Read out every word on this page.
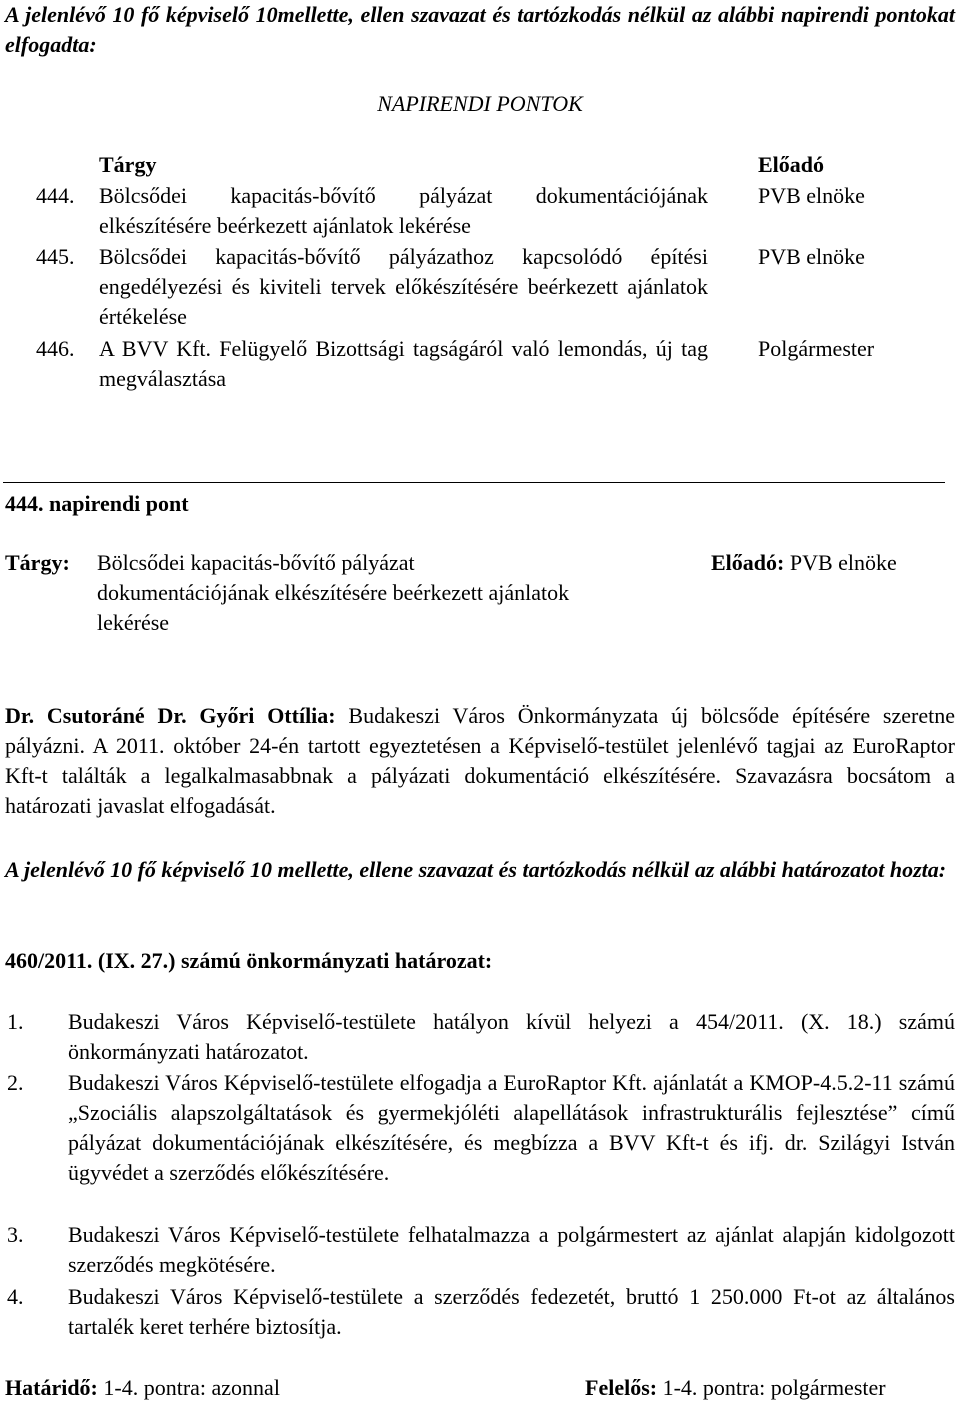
A jelenlévő 10 fő képviselő 10mellette, ellen szavazat és tartózkodás nélkül az alábbi napirendi pontokat elfogadta:
NAPIRENDI PONTOK
Tárgy	Előadó
444. Bölcsődei kapacitás-bővítő pályázat dokumentációjának elkészítésére beérkezett ajánlatok lekérése
PVB elnöke
445. Bölcsődei kapacitás-bővítő pályázathoz kapcsolódó építési engedélyezési és kiviteli tervek előkészítésére beérkezett ajánlatok értékelése
PVB elnöke
446. A BVV Kft. Felügyelő Bizottsági tagságáról való lemondás, új tag megválasztása
Polgármester
444. napirendi pont
Tárgy: Bölcsődei kapacitás-bővítő pályázat dokumentációjának elkészítésére beérkezett ajánlatok lekérése
Előadó: PVB elnöke
Dr. Csutoráné Dr. Győri Ottília: Budakeszi Város Önkormányzata új bölcsőde építésére szeretne pályázni. A 2011. október 24-én tartott egyeztetésen a Képviselő-testület jelenlévő tagjai az EuroRaptor Kft-t találták a legalkalmasabbnak a pályázati dokumentáció elkészítésére. Szavazásra bocsátom a határozati javaslat elfogadását.
A jelenlévő 10 fő képviselő 10 mellette, ellene szavazat és tartózkodás nélkül az alábbi határozatot hozta:
460/2011. (IX. 27.) számú önkormányzati határozat:
1. Budakeszi Város Képviselő-testülete hatályon kívül helyezi a 454/2011. (X. 18.) számú önkormányzati határozatot.
2. Budakeszi Város Képviselő-testülete elfogadja a EuroRaptor Kft. ajánlatát a KMOP-4.5.2-11 számú „Szociális alapszolgáltatások és gyermekjóléti alapellátások infrastrukturális fejlesztése” című pályázat dokumentációjának elkészítésére, és megbízza a BVV Kft-t és ifj. dr. Szilágyi István ügyvédet a szerződés előkészítésére.
3. Budakeszi Város Képviselő-testülete felhatalmazza a polgármestert az ajánlat alapján kidolgozott szerződés megkötésére.
4. Budakeszi Város Képviselő-testülete a szerződés fedezetét, bruttó 1 250.000 Ft-ot az általános tartalék keret terhére biztosítja.
Határidő: 1-4. pontra: azonnal	Felelős: 1-4. pontra: polgármester
